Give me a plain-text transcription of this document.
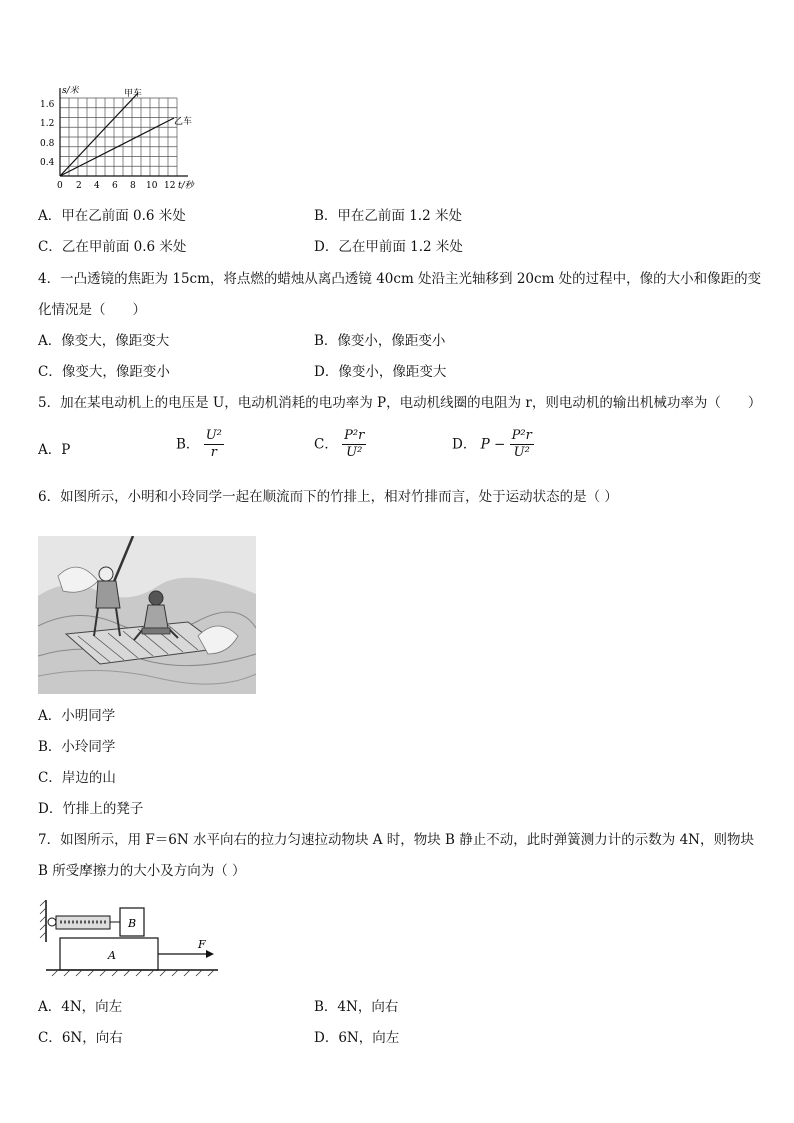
s/米
t/秒
1.6
1.2
0.8
0.4
0 2 4 6 8 10 12
甲车
乙车
A．甲在乙前面 0.6 米处	B．甲在乙前面 1.2 米处
C．乙在甲前面 0.6 米处	D．乙在甲前面 1.2 米处
4．一凸透镜的焦距为 15cm，将点燃的蜡烛从离凸透镜 40cm 处沿主光轴移到 20cm 处的过程中，像的大小和像距的变
化情况是（　　）
A．像变大，像距变大	B．像变小，像距变小
C．像变大，像距变小	D．像变小，像距变大
5．加在某电动机上的电压是 U，电动机消耗的电功率为 P，电动机线圈的电阻为 r，则电动机的输出机械功率为（　　）
A．P	B． $\frac{\text{U²}}{r}$	C． $\frac{\text{P²r}}{\text{U²}}$	D． $P - \frac{\text{P²r}}{\text{U²}}$
6．如图所示，小明和小玲同学一起在顺流而下的竹排上，相对竹排而言，处于运动状态的是（ ）
A．小明同学
B．小玲同学
C．岸边的山
D．竹排上的凳子
7．如图所示，用 F＝6N 水平向右的拉力匀速拉动物块 A 时，物块 B 静止不动，此时弹簧测力计的示数为 4N，则物块
B 所受摩擦力的大小及方向为（ ）
B
A
F
A．4N，向左	B．4N，向右
C．6N，向右	D．6N，向左
